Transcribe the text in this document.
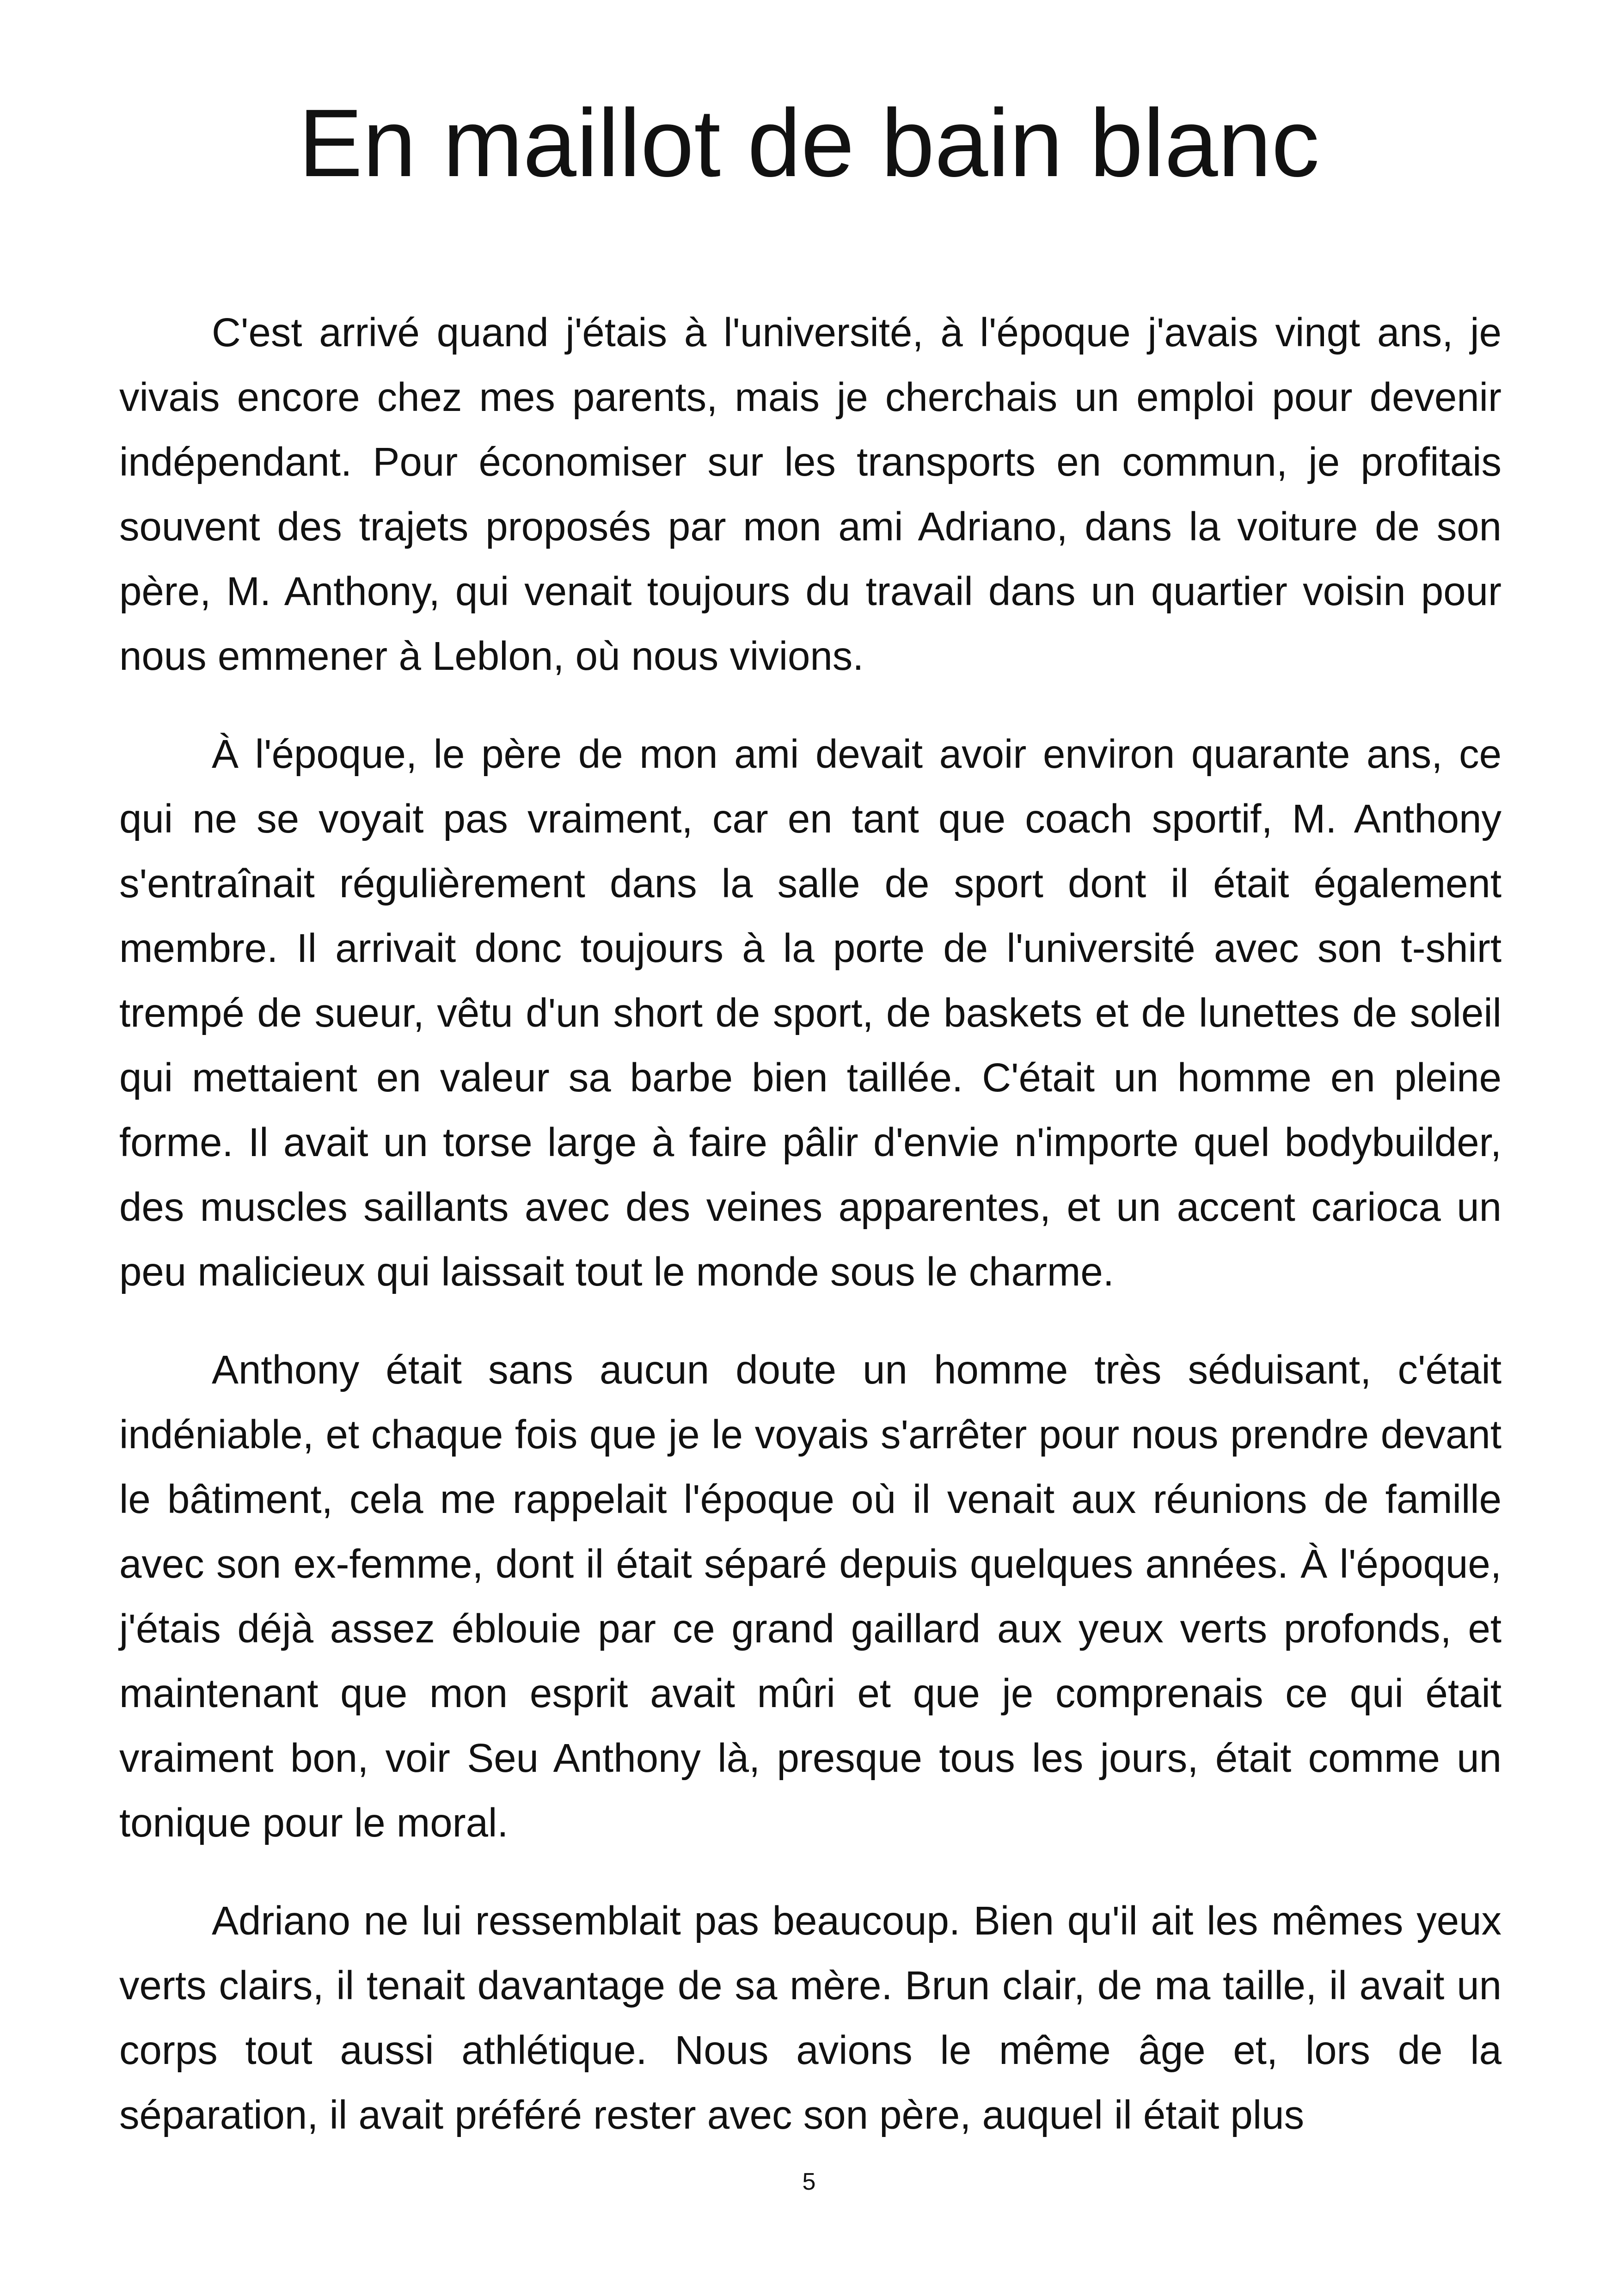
En maillot de bain blanc

C'est arrivé quand j'étais à l'université, à l'époque j'avais vingt ans, je vivais encore chez mes parents, mais je cherchais un emploi pour devenir indépendant. Pour économiser sur les transports en commun, je profitais souvent des trajets proposés par mon ami Adriano, dans la voiture de son père, M. Anthony, qui venait toujours du travail dans un quartier voisin pour nous emmener à Leblon, où nous vivions.

À l'époque, le père de mon ami devait avoir environ quarante ans, ce qui ne se voyait pas vraiment, car en tant que coach sportif, M. Anthony s'entraînait régulièrement dans la salle de sport dont il était également membre. Il arrivait donc toujours à la porte de l'université avec son t-shirt trempé de sueur, vêtu d'un short de sport, de baskets et de lunettes de soleil qui mettaient en valeur sa barbe bien taillée. C'était un homme en pleine forme. Il avait un torse large à faire pâlir d'envie n'importe quel bodybuilder, des muscles saillants avec des veines apparentes, et un accent carioca un peu malicieux qui laissait tout le monde sous le charme.

Anthony était sans aucun doute un homme très séduisant, c'était indéniable, et chaque fois que je le voyais s'arrêter pour nous prendre devant le bâtiment, cela me rappelait l'époque où il venait aux réunions de famille avec son ex-femme, dont il était séparé depuis quelques années. À l'époque, j'étais déjà assez éblouie par ce grand gaillard aux yeux verts profonds, et maintenant que mon esprit avait mûri et que je comprenais ce qui était vraiment bon, voir Seu Anthony là, presque tous les jours, était comme un tonique pour le moral.

Adriano ne lui ressemblait pas beaucoup. Bien qu'il ait les mêmes yeux verts clairs, il tenait davantage de sa mère. Brun clair, de ma taille, il avait un corps tout aussi athlétique. Nous avions le même âge et, lors de la séparation, il avait préféré rester avec son père, auquel il était plus

5
